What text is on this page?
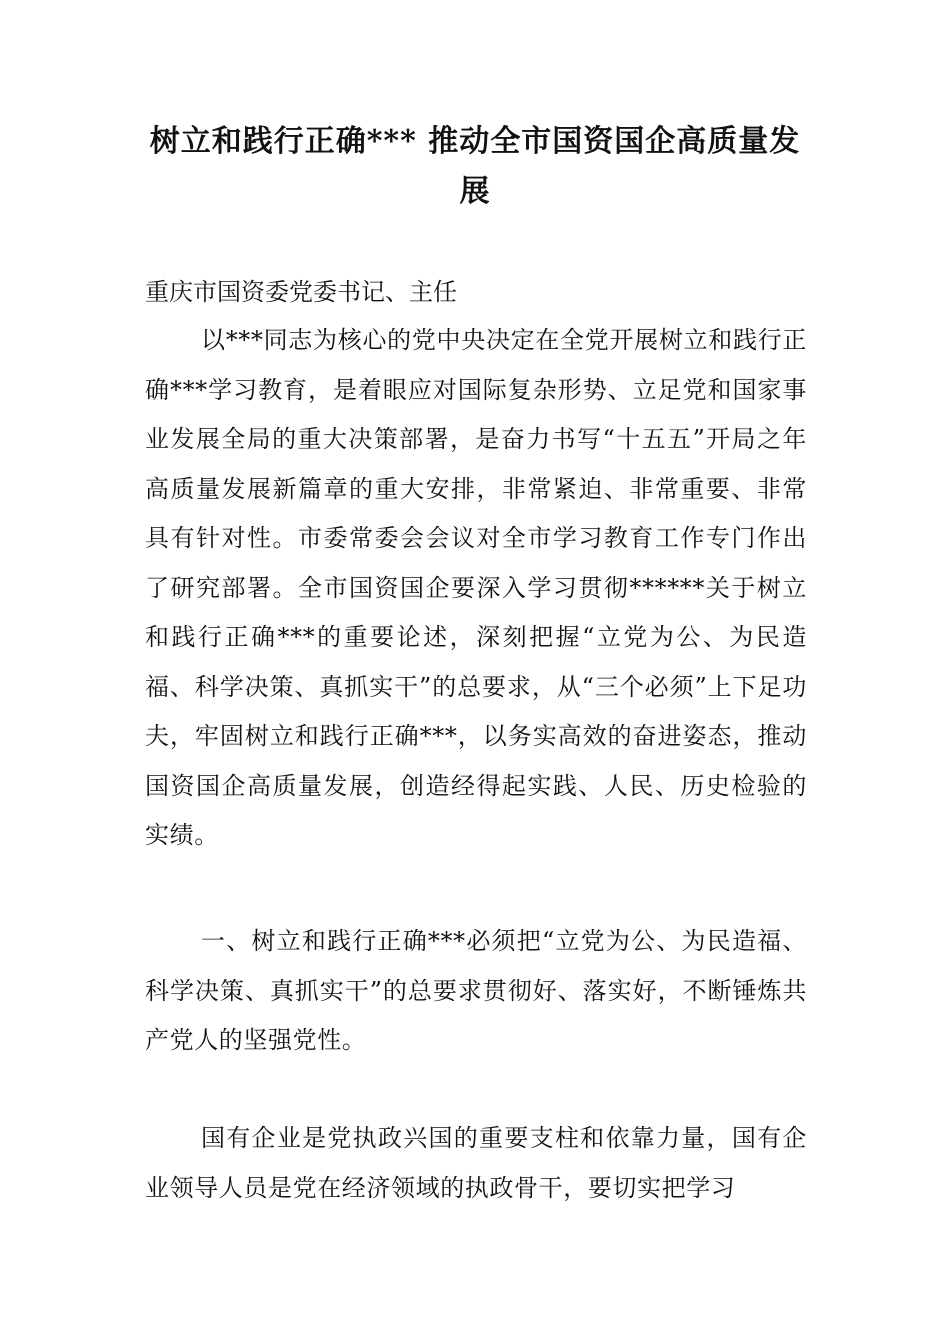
树立和践行正确*** 推动全市国资国企高质量发展

重庆市国资委党委书记、主任

以***同志为核心的党中央决定在全党开展树立和践行正确***学习教育，是着眼应对国际复杂形势、立足党和国家事业发展全局的重大决策部署，是奋力书写“十五五”开局之年高质量发展新篇章的重大安排，非常紧迫、非常重要、非常具有针对性。市委常委会会议对全市学习教育工作专门作出了研究部署。全市国资国企要深入学习贯彻******关于树立和践行正确***的重要论述，深刻把握“立党为公、为民造福、科学决策、真抓实干”的总要求，从“三个必须”上下足功夫，牢固树立和践行正确***，以务实高效的奋进姿态，推动国资国企高质量发展，创造经得起实践、人民、历史检验的实绩。

一、树立和践行正确***必须把“立党为公、为民造福、科学决策、真抓实干”的总要求贯彻好、落实好，不断锤炼共产党人的坚强党性。

国有企业是党执政兴国的重要支柱和依靠力量，国有企业领导人员是党在经济领域的执政骨干，要切实把学习
